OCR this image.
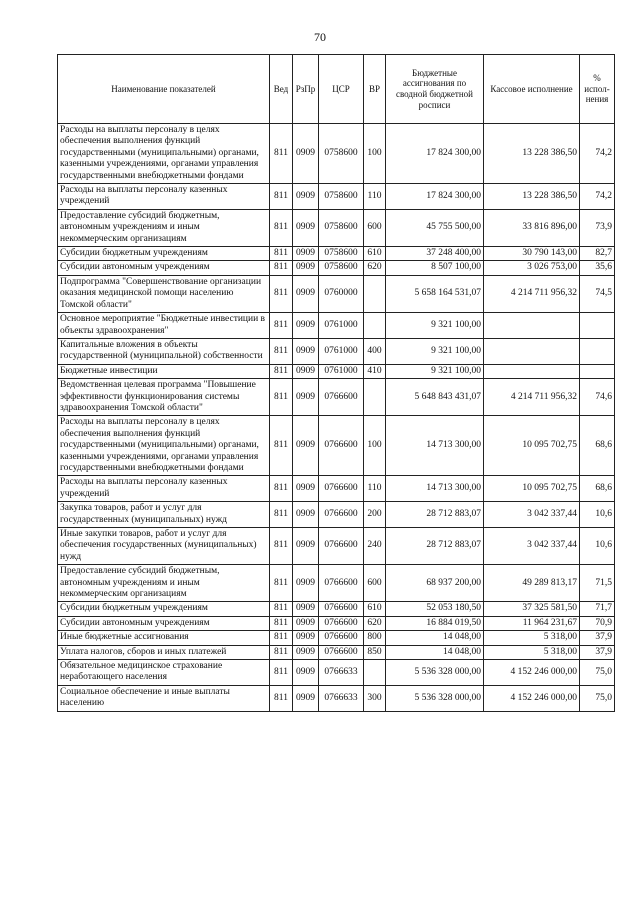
70
Наименование показателей	Вед	РзПр	ЦСР	ВР	Бюджетные ассигнования по сводной бюджетной росписи	Кассовое исполнение	% испол-нения
Расходы на выплаты персоналу в целях обеспечения выполнения функций государственными (муниципальными) органами, казенными учреждениями, органами управления государственными внебюджетными фондами	811	0909	0758600	100	17 824 300,00	13 228 386,50	74,2
Расходы на выплаты персоналу казенных учреждений	811	0909	0758600	110	17 824 300,00	13 228 386,50	74,2
Предоставление субсидий бюджетным, автономным учреждениям и иным некоммерческим организациям	811	0909	0758600	600	45 755 500,00	33 816 896,00	73,9
Субсидии бюджетным учреждениям	811	0909	0758600	610	37 248 400,00	30 790 143,00	82,7
Субсидии автономным учреждениям	811	0909	0758600	620	8 507 100,00	3 026 753,00	35,6
Подпрограмма "Совершенствование организации оказания медицинской помощи населению Томской области"	811	0909	0760000		5 658 164 531,07	4 214 711 956,32	74,5
Основное мероприятие "Бюджетные инвестиции в объекты здравоохранения"	811	0909	0761000		9 321 100,00		
Капитальные вложения в объекты государственной (муниципальной) собственности	811	0909	0761000	400	9 321 100,00		
Бюджетные инвестиции	811	0909	0761000	410	9 321 100,00		
Ведомственная целевая программа "Повышение эффективности функционирования системы здравоохранения Томской области"	811	0909	0766600		5 648 843 431,07	4 214 711 956,32	74,6
Расходы на выплаты персоналу в целях обеспечения выполнения функций государственными (муниципальными) органами, казенными учреждениями, органами управления государственными внебюджетными фондами	811	0909	0766600	100	14 713 300,00	10 095 702,75	68,6
Расходы на выплаты персоналу казенных учреждений	811	0909	0766600	110	14 713 300,00	10 095 702,75	68,6
Закупка товаров, работ и услуг для государственных (муниципальных) нужд	811	0909	0766600	200	28 712 883,07	3 042 337,44	10,6
Иные закупки товаров, работ и услуг для обеспечения государственных (муниципальных) нужд	811	0909	0766600	240	28 712 883,07	3 042 337,44	10,6
Предоставление субсидий бюджетным, автономным учреждениям и иным некоммерческим организациям	811	0909	0766600	600	68 937 200,00	49 289 813,17	71,5
Субсидии бюджетным учреждениям	811	0909	0766600	610	52 053 180,50	37 325 581,50	71,7
Субсидии автономным учреждениям	811	0909	0766600	620	16 884 019,50	11 964 231,67	70,9
Иные бюджетные ассигнования	811	0909	0766600	800	14 048,00	5 318,00	37,9
Уплата налогов, сборов и иных платежей	811	0909	0766600	850	14 048,00	5 318,00	37,9
Обязательное медицинское страхование неработающего населения	811	0909	0766633		5 536 328 000,00	4 152 246 000,00	75,0
Социальное обеспечение и иные выплаты населению	811	0909	0766633	300	5 536 328 000,00	4 152 246 000,00	75,0
